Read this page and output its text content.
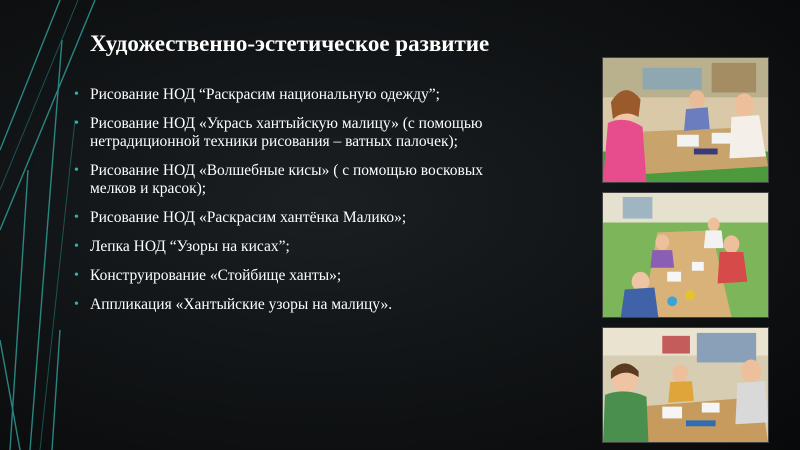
Художественно-эстетическое развитие
• Рисование НОД “Раскрасим национальную одежду”;
• Рисование НОД «Укрась хантыйскую малицу» (с помощью нетрадиционной техники рисования – ватных палочек);
• Рисование НОД «Волшебные кисы» ( с помощью восковых мелков и красок);
• Рисование НОД «Раскрасим хантёнка Малико»;
• Лепка НОД “Узоры на кисах”;
• Конструирование «Стойбище ханты»;
• Аппликация «Хантыйские узоры на малицу».
